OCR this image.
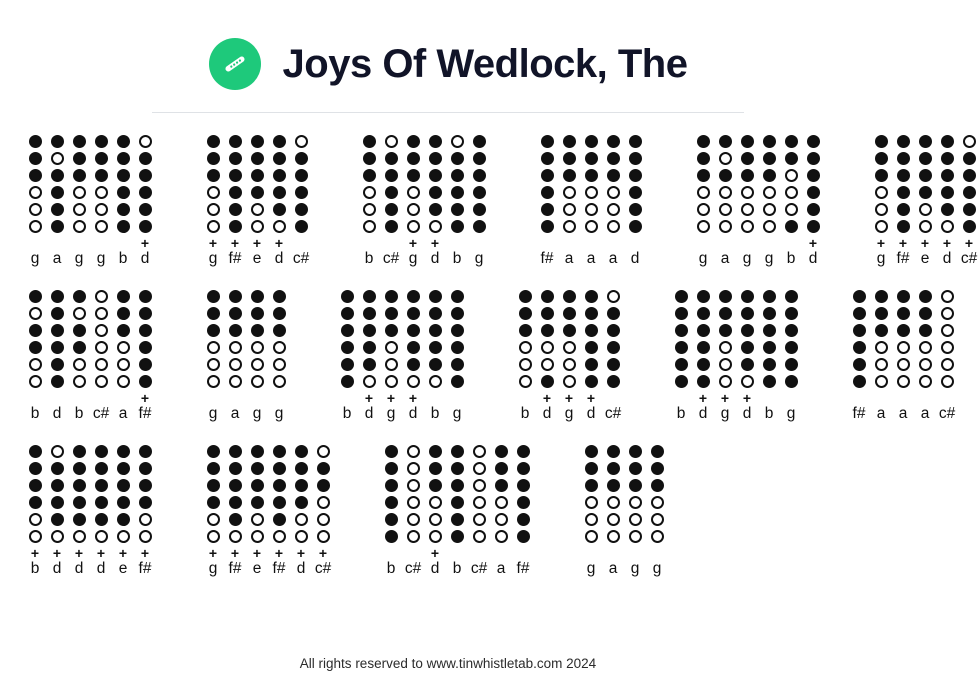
Joys Of Wedlock, The
+
g a g g b d
+ + + +
g f# e d c#
+ +
b c# g d b g	f# a a a d
+
g a g g b d
+ + + + +
g f# e d c#
+
b d b c# a f#	g a g g
+ + +
b d g d b g
+ + +
b d g d c#
+ + +
b d g d b g	f# a a a c#
+ + + + + +
b d d d e f#
+ + + + + +
g f# e f# d c#
+
b c# d b c# a f#	g a g g
All rights reserved to www.tinwhistletab.com 2024
